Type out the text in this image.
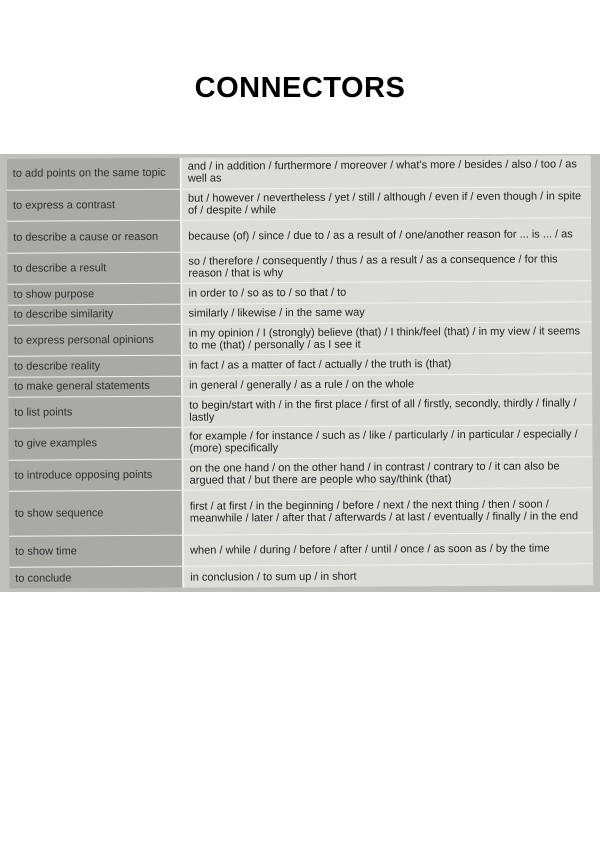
CONNECTORS
to add points on the same topic	and / in addition / furthermore / moreover / what's more / besides / also / too / as well as
to express a contrast	but / however / nevertheless / yet / still / although / even if / even though / in spite of / despite / while
to describe a cause or reason	because (of) / since / due to / as a result of / one/another reason for ... is ... / as
to describe a result	so / therefore / consequently / thus / as a result / as a consequence / for this reason / that is why
to show purpose	in order to / so as to / so that / to
to describe similarity	similarly / likewise / in the same way
to express personal opinions	in my opinion / I (strongly) believe (that) / I think/feel (that) / in my view / it seems to me (that) / personally / as I see it
to describe reality	in fact / as a matter of fact / actually / the truth is (that)
to make general statements	in general / generally / as a rule / on the whole
to list points	to begin/start with / in the first place / first of all / firstly, secondly, thirdly / finally / lastly
to give examples	for example / for instance / such as / like / particularly / in particular / especially / (more) specifically
to introduce opposing points	on the one hand / on the other hand / in contrast / contrary to / it can also be argued that / but there are people who say/think (that)
to show sequence	first / at first / in the beginning / before / next / the next thing / then / soon / meanwhile / later / after that / afterwards / at last / eventually / finally / in the end
to show time	when / while / during / before / after / until / once / as soon as / by the time
to conclude	in conclusion / to sum up / in short
